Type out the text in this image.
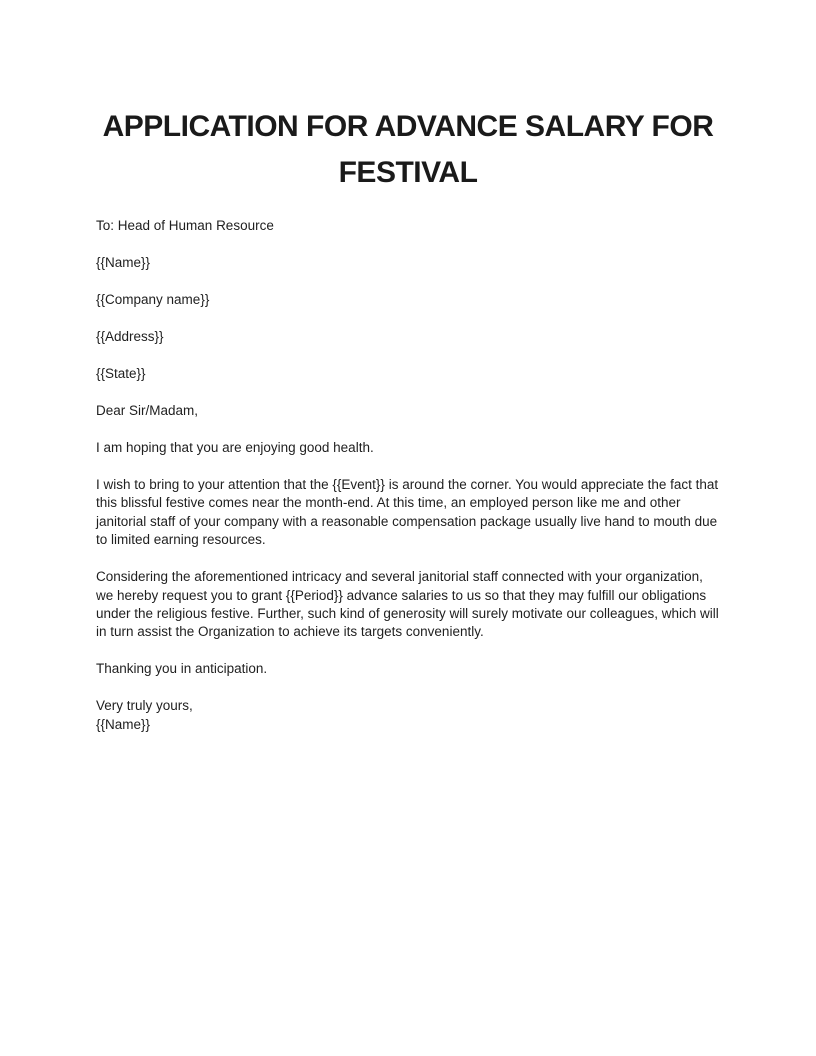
APPLICATION FOR ADVANCE SALARY FOR
FESTIVAL

To: Head of Human Resource

{{Name}}

{{Company name}}

{{Address}}

{{State}}

Dear Sir/Madam,

I am hoping that you are enjoying good health.

I wish to bring to your attention that the {{Event}} is around the corner. You would appreciate the fact that this blissful festive comes near the month-end. At this time, an employed person like me and other janitorial staff of your company with a reasonable compensation package usually live hand to mouth due to limited earning resources.

Considering the aforementioned intricacy and several janitorial staff connected with your organization, we hereby request you to grant {{Period}} advance salaries to us so that they may fulfill our obligations under the religious festive. Further, such kind of generosity will surely motivate our colleagues, which will in turn assist the Organization to achieve its targets conveniently.

Thanking you in anticipation.

Very truly yours,

{{Name}}
